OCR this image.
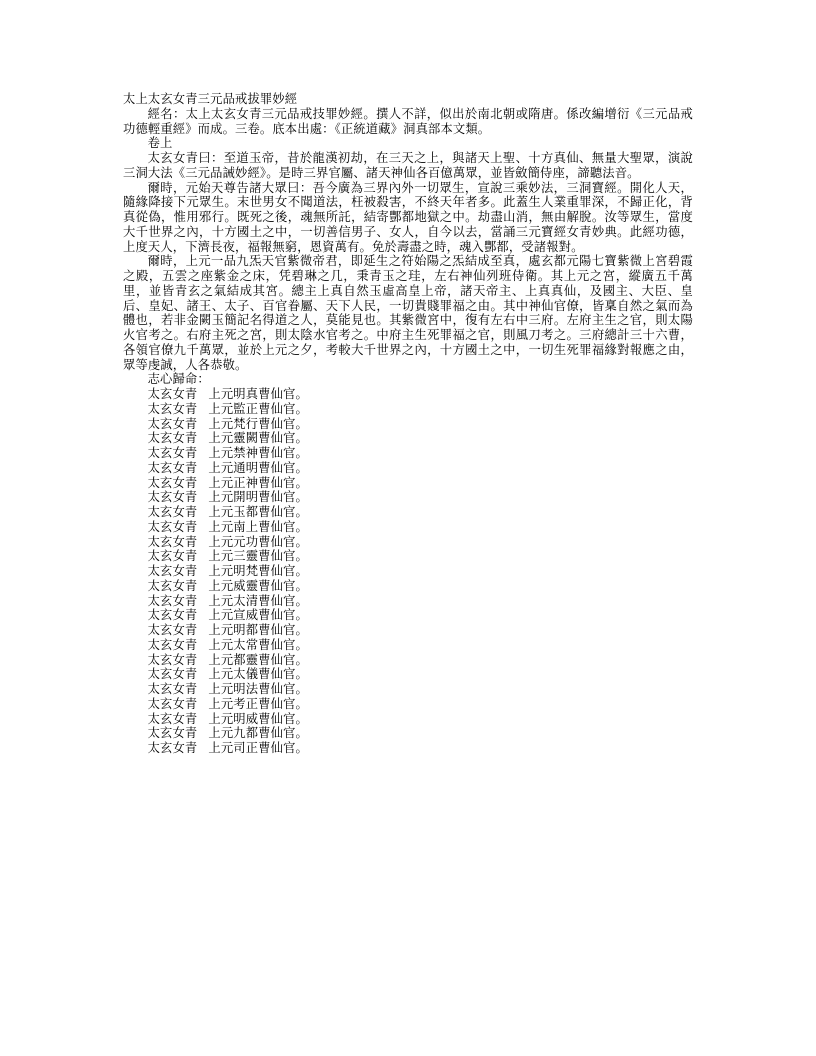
太上太玄女青三元品戒拔罪妙經

經名：太上太玄女青三元品戒技罪妙經。撰人不詳，似出於南北朝或隋唐。係改編增衍《三元品戒功德輕重經》而成。三卷。底本出處：《正統道藏》洞真部本文類。

卷上

太玄女青曰：至道玉帝，昔於龍漢初劫，在三天之上，與諸天上聖、十方真仙、無量大聖眾，演說三洞大法《三元品誡妙經》。是時三界官屬、諸天神仙各百億萬眾，並皆斂簡侍座，諦聽法音。

爾時，元始天尊告諸大眾曰：吾今廣為三界內外一切眾生，宣說三乘妙法，三洞寶經。開化人天，隨緣降接下元眾生。末世男女不聞道法，枉被殺害，不終天年者多。此蓋生人業重罪深，不歸正化，背真從偽，惟用邪行。既死之後，魂無所託，結寄酆都地獄之中。劫盡山消，無由解脫。汝等眾生，當度大千世界之內，十方國土之中，一切善信男子、女人，自今以去，當誦三元寶經女青妙典。此經功德，上度天人，下濟長夜，福報無窮，恩資萬有。免於壽盡之時，魂入酆都，受諸報對。

爾時，上元一品九炁天官紫微帝君，即延生之符始陽之炁結成至真，處玄都元陽七寶紫微上宮碧霞之殿，五雲之座紫金之床，凭碧琳之几，秉青玉之珪，左右神仙列班侍衛。其上元之宮，縱廣五千萬里，並皆青玄之氣結成其宮。總主上真自然玉虛高皇上帝，諸天帝主、上真真仙，及國主、大臣、皇后、皇妃、諸王、太子、百官眷屬、天下人民，一切貴賤罪福之由。其中神仙官僚，皆稟自然之氣而為體也，若非金闕玉簡記名得道之人，莫能見也。其紫微宮中，復有左右中三府。左府主生之官，則太陽火官考之。右府主死之宮，則太陰水官考之。中府主生死罪福之官，則風刀考之。三府總計三十六曹，各領官僚九千萬眾，並於上元之夕，考較大千世界之內，十方國土之中，一切生死罪福緣對報應之由，眾等虔誠，人各恭敬。

志心歸命：

太玄女青 上元明真曹仙官。
太玄女青 上元監正曹仙官。
太玄女青 上元梵行曹仙官。
太玄女青 上元靈闕曹仙官。
太玄女青 上元禁神曹仙官。
太玄女青 上元通明曹仙官。
太玄女青 上元正神曹仙官。
太玄女青 上元開明曹仙官。
太玄女青 上元玉都曹仙官。
太玄女青 上元南上曹仙官。
太玄女青 上元元功曹仙官。
太玄女青 上元三靈曹仙官。
太玄女青 上元明梵曹仙官。
太玄女青 上元威靈曹仙官。
太玄女青 上元太清曹仙官。
太玄女青 上元宣威曹仙官。
太玄女青 上元明都曹仙官。
太玄女青 上元太常曹仙官。
太玄女青 上元都靈曹仙官。
太玄女青 上元太儀曹仙官。
太玄女青 上元明法曹仙官。
太玄女青 上元考正曹仙官。
太玄女青 上元明威曹仙官。
太玄女青 上元九都曹仙官。
太玄女青 上元司正曹仙官。
